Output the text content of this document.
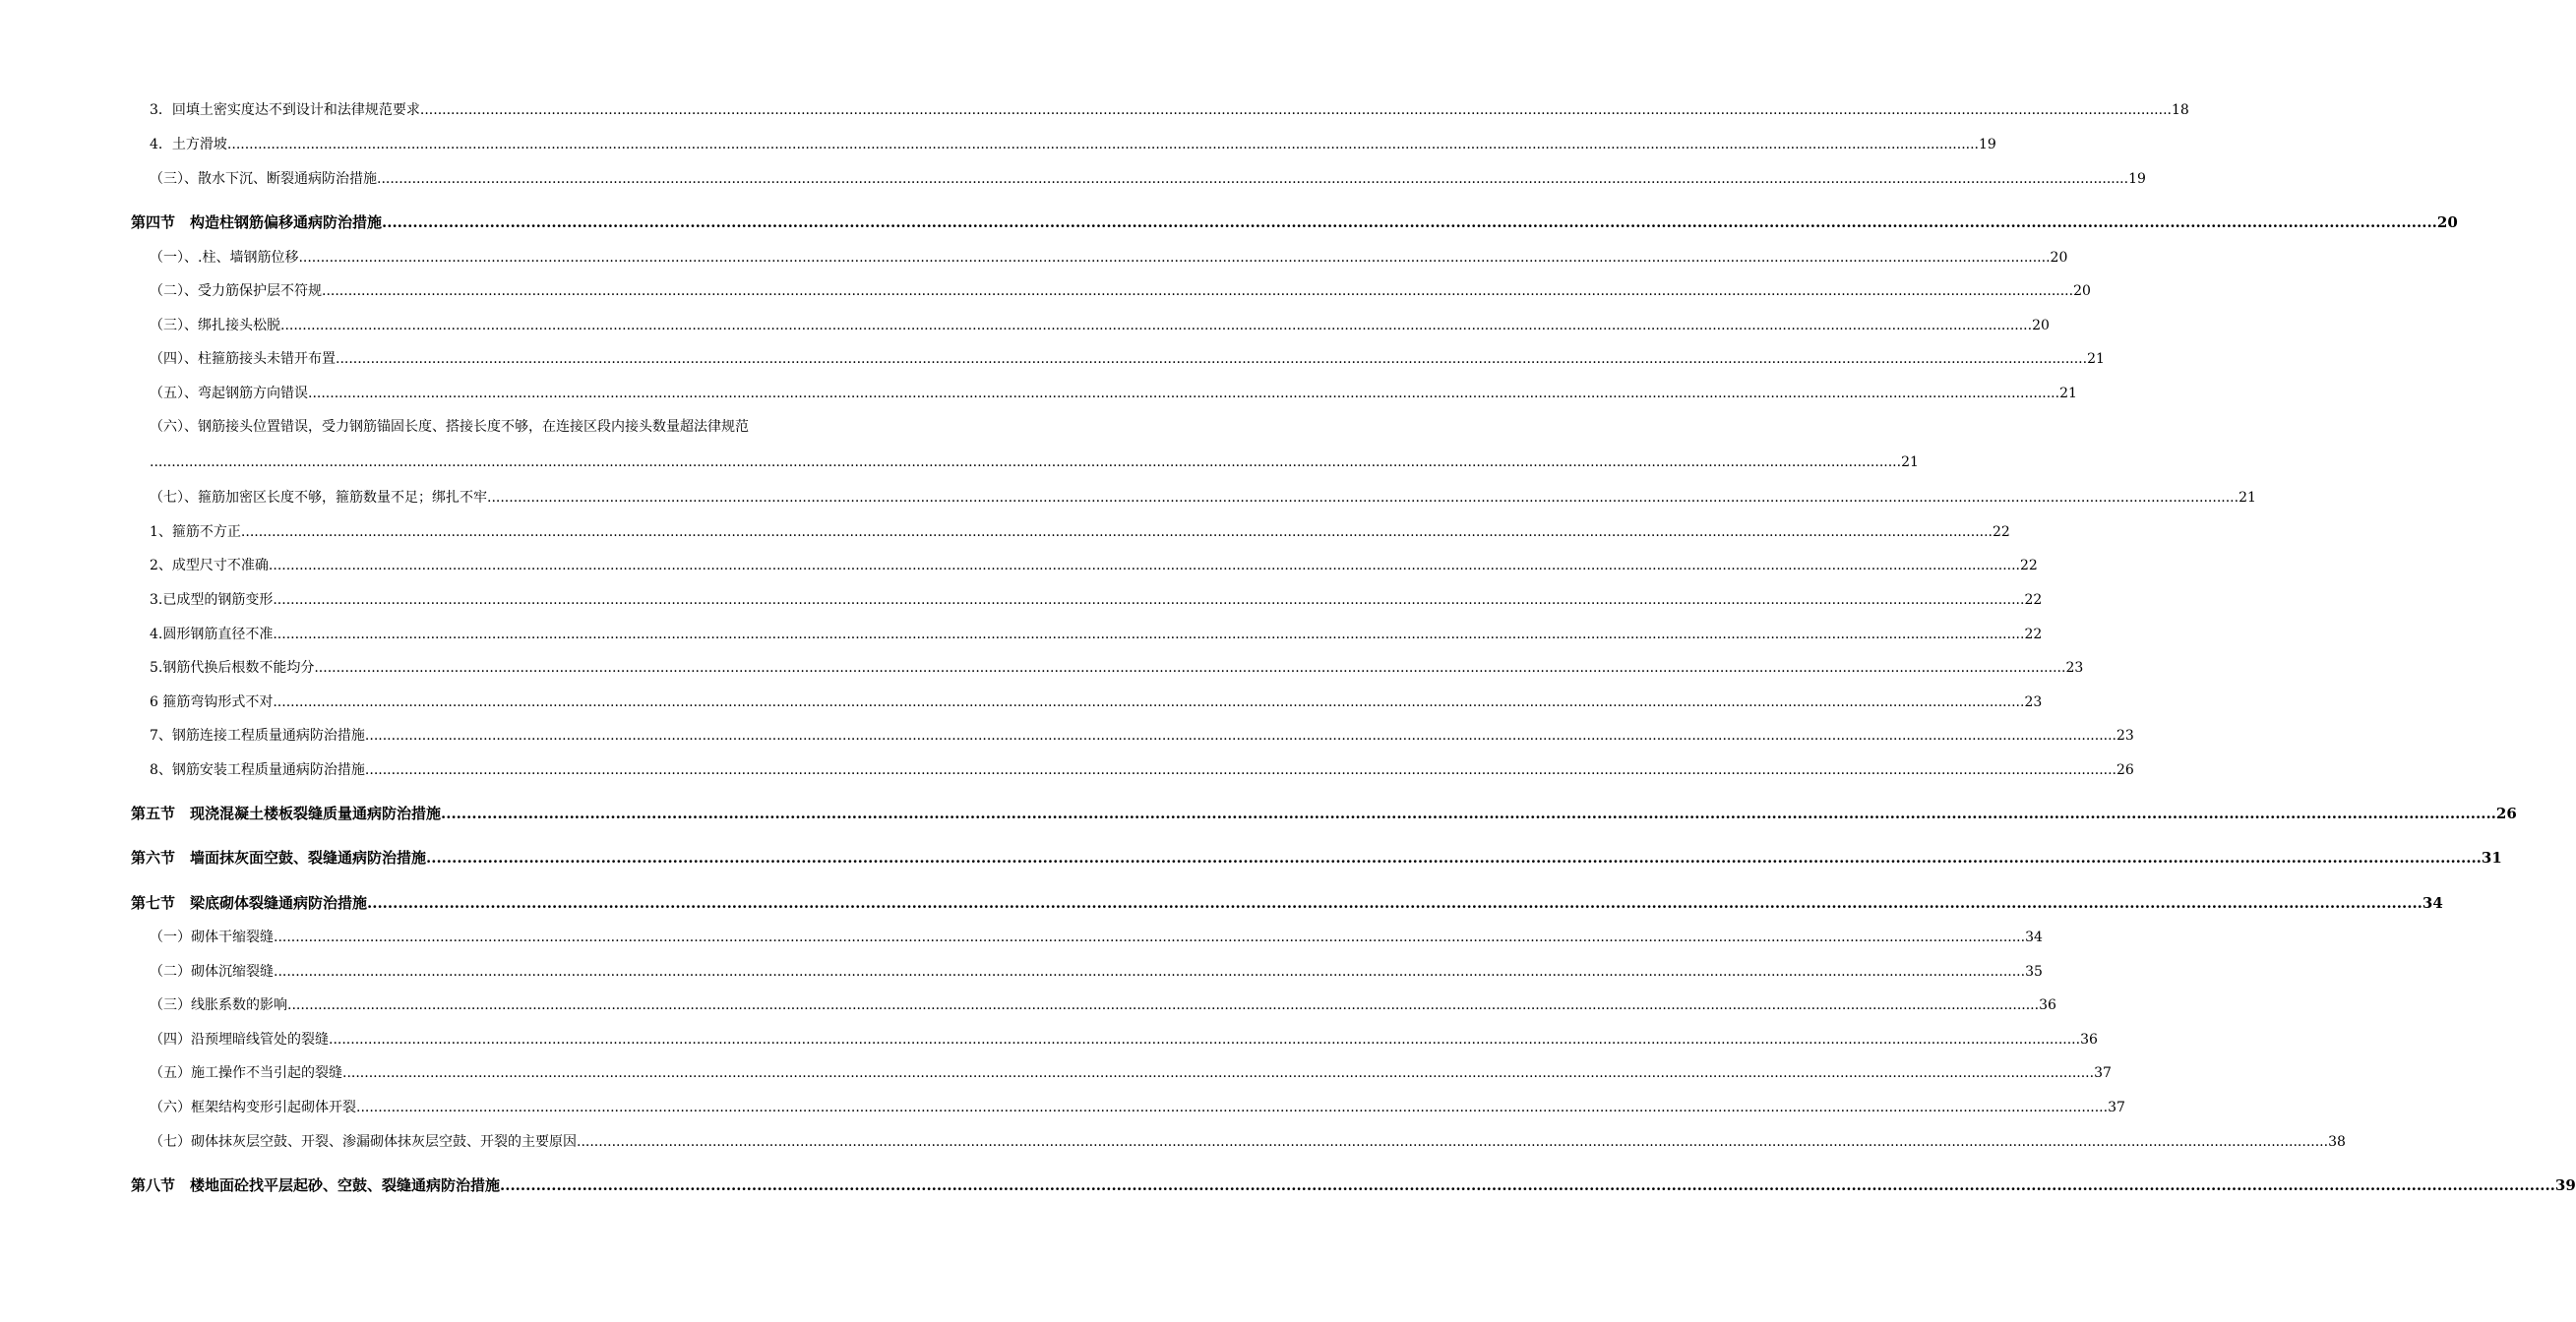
3．回填土密实度达不到设计和法律规范要求 ................................................................................................................................................................................................................................................................................................................................................................................................................ 18
4．土方滑坡 ................................................................................................................................................................................................................................................................................................................................................................................................................ 19
（三）、散水下沉、断裂通病防治措施 ................................................................................................................................................................................................................................................................................................................................................................................................................ 19
第四节　构造柱钢筋偏移通病防治措施 ................................................................................................................................................................................................................................................................................................................................................................................................................ 20
（一）、.柱、墙钢筋位移 ................................................................................................................................................................................................................................................................................................................................................................................................................ 20
（二）、受力筋保护层不符规 ................................................................................................................................................................................................................................................................................................................................................................................................................ 20
（三）、绑扎接头松脱 ................................................................................................................................................................................................................................................................................................................................................................................................................ 20
（四）、柱箍筋接头未错开布置 ................................................................................................................................................................................................................................................................................................................................................................................................................ 21
（五）、弯起钢筋方向错误 ................................................................................................................................................................................................................................................................................................................................................................................................................ 21
（六）、钢筋接头位置错误，受力钢筋锚固长度、搭接长度不够，在连接区段内接头数量超法律规范
................................................................................................................................................................................................................................................................................................................................................................................................................ 21
（七）、箍筋加密区长度不够，箍筋数量不足；绑扎不牢 ................................................................................................................................................................................................................................................................................................................................................................................................................ 21
1、箍筋不方正 ................................................................................................................................................................................................................................................................................................................................................................................................................ 22
2、成型尺寸不准确 ................................................................................................................................................................................................................................................................................................................................................................................................................ 22
3.已成型的钢筋变形 ................................................................................................................................................................................................................................................................................................................................................................................................................ 22
4.圆形钢筋直径不准 ................................................................................................................................................................................................................................................................................................................................................................................................................ 22
5.钢筋代换后根数不能均分 ................................................................................................................................................................................................................................................................................................................................................................................................................ 23
6 箍筋弯钩形式不对 ................................................................................................................................................................................................................................................................................................................................................................................................................ 23
7、钢筋连接工程质量通病防治措施 ................................................................................................................................................................................................................................................................................................................................................................................................................ 23
8、钢筋安装工程质量通病防治措施 ................................................................................................................................................................................................................................................................................................................................................................................................................ 26
第五节　现浇混凝土楼板裂缝质量通病防治措施 ................................................................................................................................................................................................................................................................................................................................................................................................................ 26
第六节　墙面抹灰面空鼓、裂缝通病防治措施 ................................................................................................................................................................................................................................................................................................................................................................................................................ 31
第七节　梁底砌体裂缝通病防治措施 ................................................................................................................................................................................................................................................................................................................................................................................................................ 34
（一）砌体干缩裂缝 ................................................................................................................................................................................................................................................................................................................................................................................................................ 34
（二）砌体沉缩裂缝 ................................................................................................................................................................................................................................................................................................................................................................................................................ 35
（三）线胀系数的影响 ................................................................................................................................................................................................................................................................................................................................................................................................................ 36
（四）沿预埋暗线管处的裂缝 ................................................................................................................................................................................................................................................................................................................................................................................................................ 36
（五）施工操作不当引起的裂缝 ................................................................................................................................................................................................................................................................................................................................................................................................................ 37
（六）框架结构变形引起砌体开裂 ................................................................................................................................................................................................................................................................................................................................................................................................................ 37
（七）砌体抹灰层空鼓、开裂、渗漏砌体抹灰层空鼓、开裂的主要原因 ................................................................................................................................................................................................................................................................................................................................................................................................................ 38
第八节　楼地面砼找平层起砂、空鼓、裂缝通病防治措施 ................................................................................................................................................................................................................................................................................................................................................................................................................ 39
